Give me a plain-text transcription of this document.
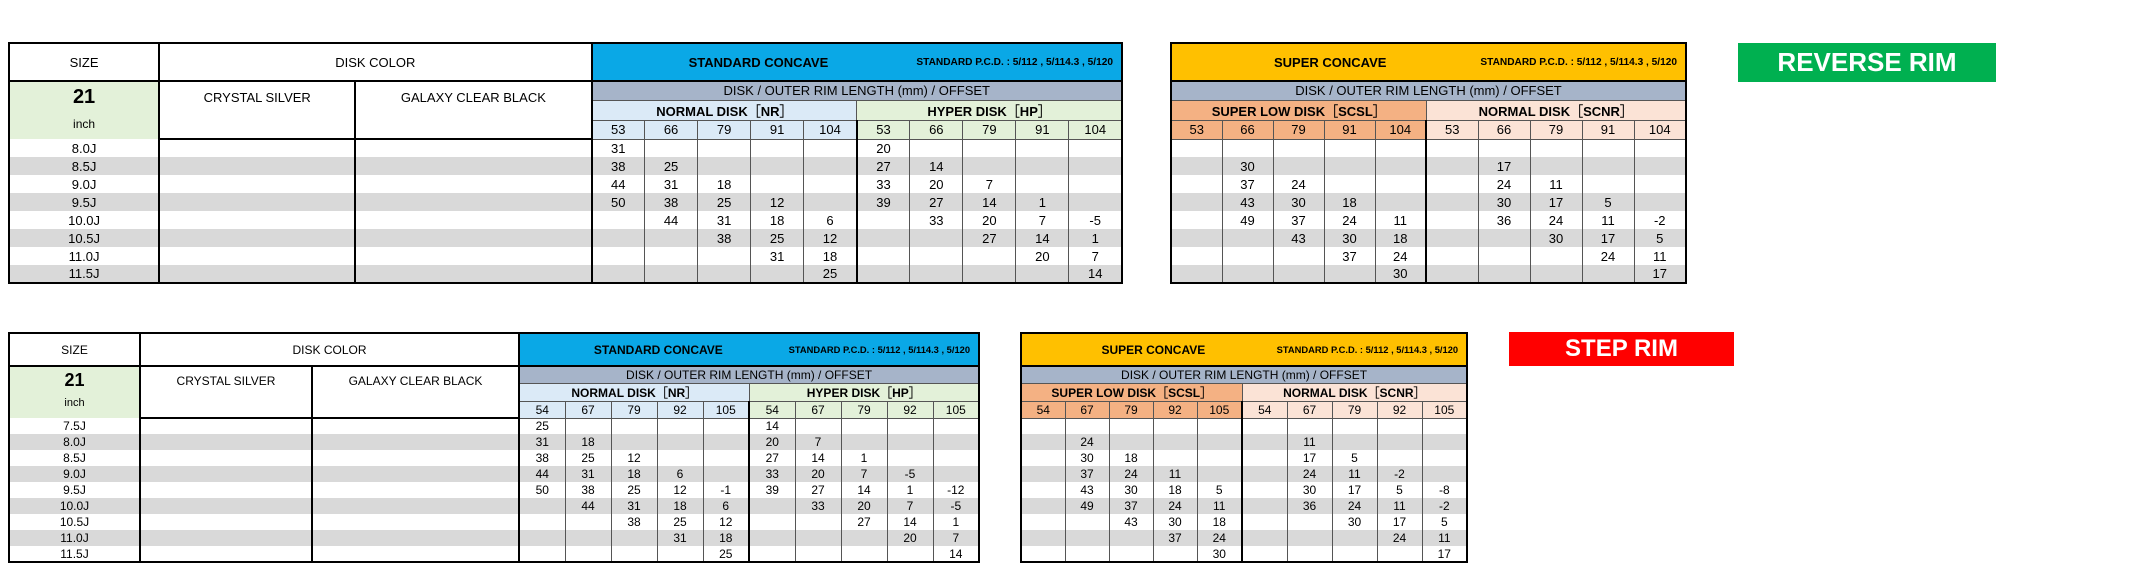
SIZE	DISK COLOR		STANDARD CONCAVE STANDARD P.C.D. : 5/112 , 5/114.3 , 5/120									

21
inch	CRYSTAL SILVER	GALAXY CLEAR BLACK	DISK / OUTER RIM LENGTH (mm) / OFFSET									
			NORMAL DISK［NR］					HYPER DISK［HP］				
			53	66	79	91	104	53	66	79	91	104
8.0J			31					20				
8.5J			38	25				27	14			
9.0J			44	31	18			33	20	7		
9.5J			50	38	25	12		39	27	14	1	
10.0J				44	31	18	6		33	20	7	-5
10.5J					38	25	12			27	14	1
11.0J						31	18				20	7
11.5J							25					14
SUPER CONCAVE STANDARD P.C.D. : 5/112 , 5/114.3 , 5/120									

DISK / OUTER RIM LENGTH (mm) / OFFSET									
SUPER LOW DISK［SCSL］					NORMAL DISK［SCNR］				
53	66	79	91	104	53	66	79	91	104

	30					17			
	37	24				24	11		
	43	30	18			30	17	5	
	49	37	24	11		36	24	11	-2
		43	30	18			30	17	5
			37	24				24	11
				30					17
REVERSE RIM
SIZE	DISK COLOR		STANDARD CONCAVE STANDARD P.C.D. : 5/112 , 5/114.3 , 5/120									

21
inch	CRYSTAL SILVER	GALAXY CLEAR BLACK	DISK / OUTER RIM LENGTH (mm) / OFFSET									
			NORMAL DISK［NR］					HYPER DISK［HP］				
			54	67	79	92	105	54	67	79	92	105
7.5J			25					14				
8.0J			31	18				20	7			
8.5J			38	25	12			27	14	1		
9.0J			44	31	18	6		33	20	7	-5	
9.5J			50	38	25	12	-1	39	27	14	1	-12
10.0J				44	31	18	6		33	20	7	-5
10.5J					38	25	12			27	14	1
11.0J						31	18				20	7
11.5J							25					14
SUPER CONCAVE STANDARD P.C.D. : 5/112 , 5/114.3 , 5/120									

DISK / OUTER RIM LENGTH (mm) / OFFSET									
SUPER LOW DISK［SCSL］					NORMAL DISK［SCNR］				
54	67	79	92	105	54	67	79	92	105

	24					11			
	30	18				17	5		
	37	24	11			24	11	-2	
	43	30	18	5		30	17	5	-8
	49	37	24	11		36	24	11	-2
		43	30	18			30	17	5
			37	24				24	11
				30					17
STEP RIM
